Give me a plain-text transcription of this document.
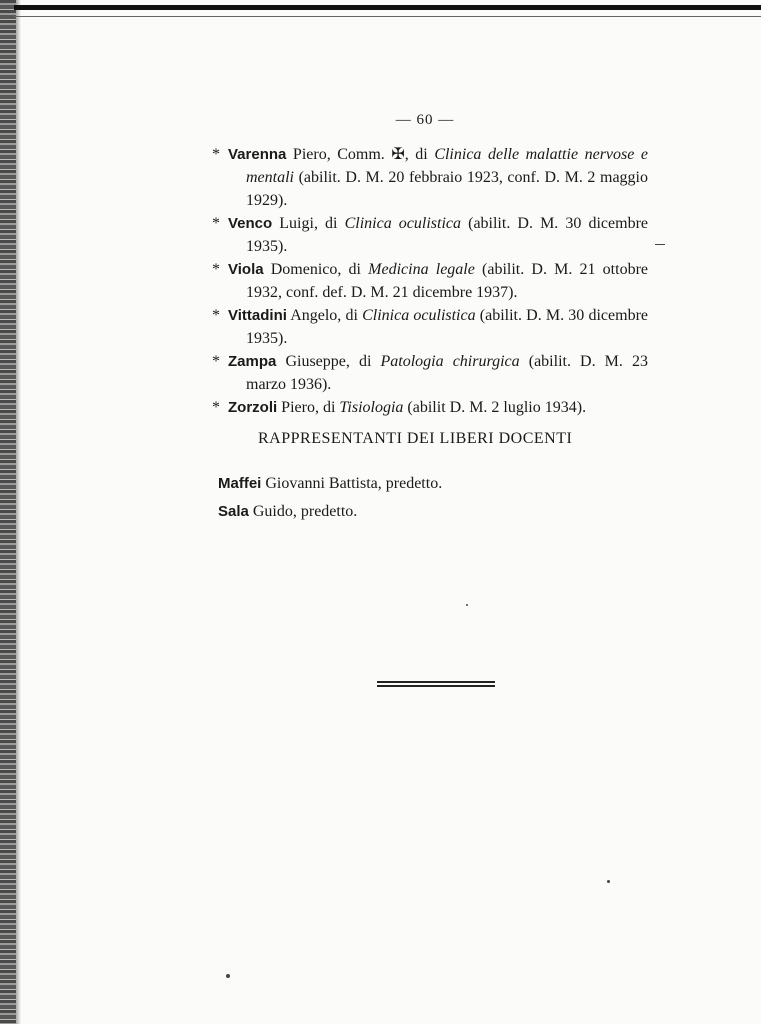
— 60 —
* Varenna Piero, Comm. ✠, di Clinica delle malattie nervose e mentali (abilit. D. M. 20 febbraio 1923, conf. D. M. 2 maggio 1929).
* Venco Luigi, di Clinica oculistica (abilit. D. M. 30 dicembre 1935).
* Viola Domenico, di Medicina legale (abilit. D. M. 21 ottobre 1932, conf. def. D. M. 21 dicembre 1937).
* Vittadini Angelo, di Clinica oculistica (abilit. D. M. 30 dicembre 1935).
* Zampa Giuseppe, di Patologia chirurgica (abilit. D. M. 23 marzo 1936).
* Zorzoli Piero, di Tisiologia (abilit D. M. 2 luglio 1934).
RAPPRESENTANTI DEI LIBERI DOCENTI
Maffei Giovanni Battista, predetto.
Sala Guido, predetto.
